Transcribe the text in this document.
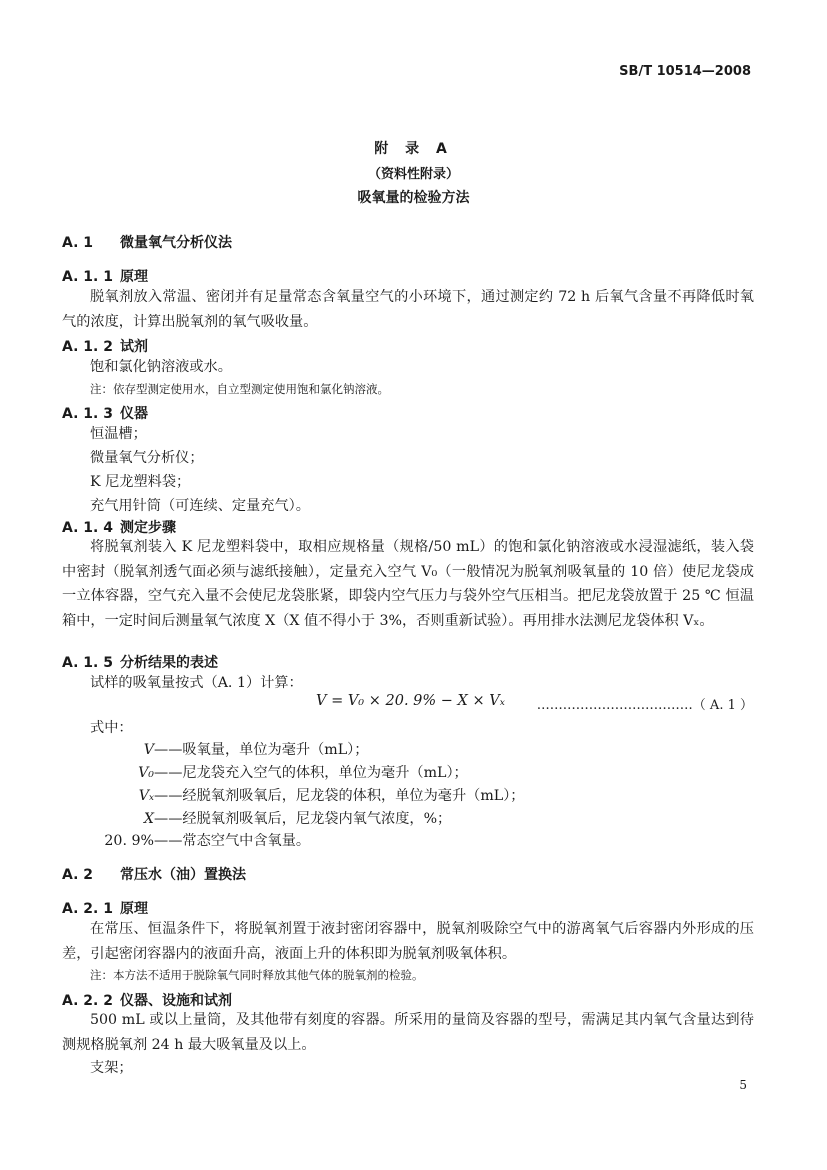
SB/T 10514—2008
附 录 A
（资料性附录）
吸氧量的检验方法
A. 1 微量氧气分析仪法
A. 1. 1 原理
脱氧剂放入常温、密闭并有足量常态含氧量空气的小环境下，通过测定约 72 h 后氧气含量不再降低时氧气的浓度，计算出脱氧剂的氧气吸收量。
A. 1. 2 试剂
饱和氯化钠溶液或水。
注：依存型测定使用水，自立型测定使用饱和氯化钠溶液。
A. 1. 3 仪器
恒温槽；
微量氧气分析仪；
K 尼龙塑料袋；
充气用针筒（可连续、定量充气）。
A. 1. 4 测定步骤
将脱氧剂装入 K 尼龙塑料袋中，取相应规格量（规格/50 mL）的饱和氯化钠溶液或水浸湿滤纸，装入袋中密封（脱氧剂透气面必须与滤纸接触），定量充入空气 V₀（一般情况为脱氧剂吸氧量的 10 倍）使尼龙袋成一立体容器，空气充入量不会使尼龙袋胀紧，即袋内空气压力与袋外空气压相当。把尼龙袋放置于 25 ℃ 恒温箱中，一定时间后测量氧气浓度 X（X 值不得小于 3%，否则重新试验）。再用排水法测尼龙袋体积 Vₓ。
A. 1. 5 分析结果的表述
试样的吸氧量按式（A. 1）计算：
V = V₀ × 20. 9% − X × Vₓ ………………………………（ A. 1 ）
式中：
V ——吸氧量，单位为毫升（mL）；
V₀ ——尼龙袋充入空气的体积，单位为毫升（mL）；
Vₓ ——经脱氧剂吸氧后，尼龙袋的体积，单位为毫升（mL）；
X ——经脱氧剂吸氧后，尼龙袋内氧气浓度，%；
20. 9% ——常态空气中含氧量。
A. 2 常压水（油）置换法
A. 2. 1 原理
在常压、恒温条件下，将脱氧剂置于液封密闭容器中，脱氧剂吸除空气中的游离氧气后容器内外形成的压差，引起密闭容器内的液面升高，液面上升的体积即为脱氧剂吸氧体积。
注：本方法不适用于脱除氧气同时释放其他气体的脱氧剂的检验。
A. 2. 2 仪器、设施和试剂
500 mL 或以上量筒，及其他带有刻度的容器。所采用的量筒及容器的型号，需满足其内氧气含量达到待测规格脱氧剂 24 h 最大吸氧量及以上。
支架；
5
